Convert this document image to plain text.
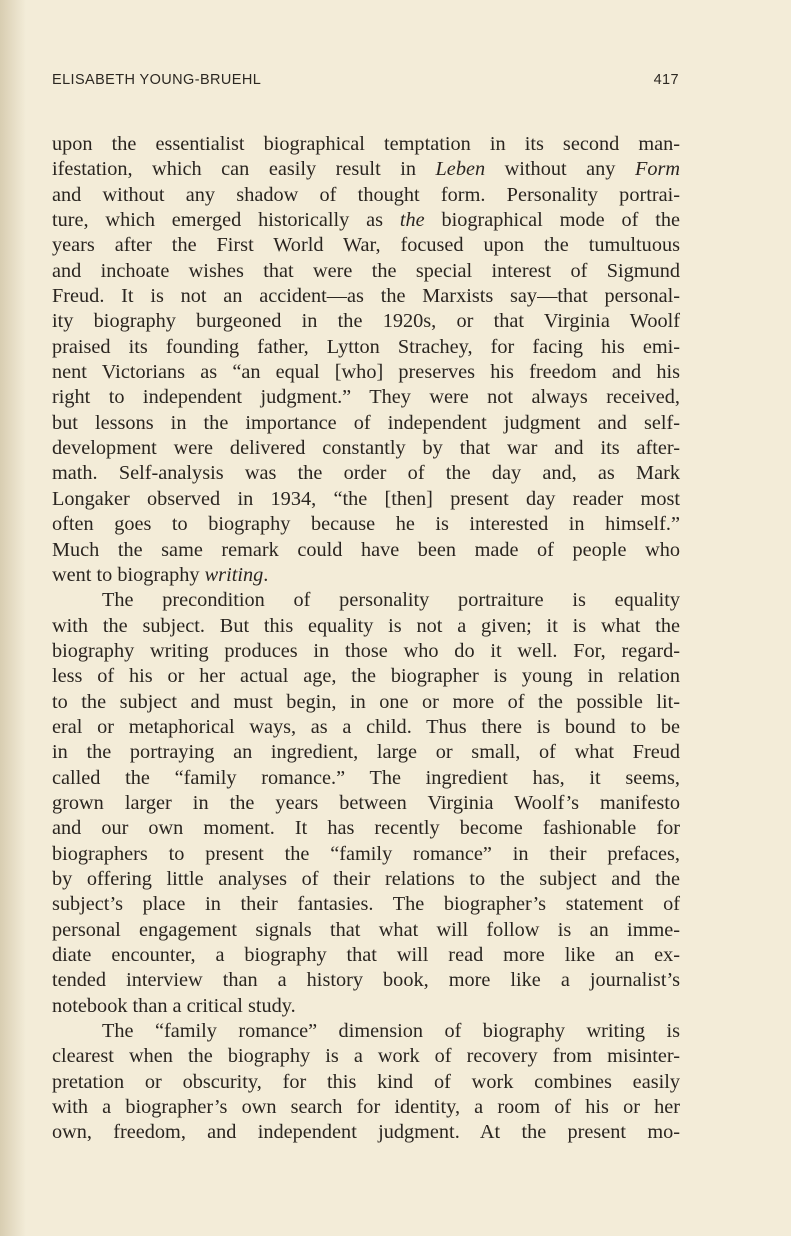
ELISABETH YOUNG-BRUEHL	417
upon the essentialist biographical temptation in its second man-
ifestation, which can easily result in Leben without any Form
and without any shadow of thought form. Personality portrai-
ture, which emerged historically as the biographical mode of the
years after the First World War, focused upon the tumultuous
and inchoate wishes that were the special interest of Sigmund
Freud. It is not an accident—as the Marxists say—that personal-
ity biography burgeoned in the 1920s, or that Virginia Woolf
praised its founding father, Lytton Strachey, for facing his emi-
nent Victorians as “an equal [who] preserves his freedom and his
right to independent judgment.” They were not always received,
but lessons in the importance of independent judgment and self-
development were delivered constantly by that war and its after-
math. Self-analysis was the order of the day and, as Mark
Longaker observed in 1934, “the [then] present day reader most
often goes to biography because he is interested in himself.”
Much the same remark could have been made of people who
went to biography writing.
The precondition of personality portraiture is equality
with the subject. But this equality is not a given; it is what the
biography writing produces in those who do it well. For, regard-
less of his or her actual age, the biographer is young in relation
to the subject and must begin, in one or more of the possible lit-
eral or metaphorical ways, as a child. Thus there is bound to be
in the portraying an ingredient, large or small, of what Freud
called the “family romance.” The ingredient has, it seems,
grown larger in the years between Virginia Woolf’s manifesto
and our own moment. It has recently become fashionable for
biographers to present the “family romance” in their prefaces,
by offering little analyses of their relations to the subject and the
subject’s place in their fantasies. The biographer’s statement of
personal engagement signals that what will follow is an imme-
diate encounter, a biography that will read more like an ex-
tended interview than a history book, more like a journalist’s
notebook than a critical study.
The “family romance” dimension of biography writing is
clearest when the biography is a work of recovery from misinter-
pretation or obscurity, for this kind of work combines easily
with a biographer’s own search for identity, a room of his or her
own, freedom, and independent judgment. At the present mo-
